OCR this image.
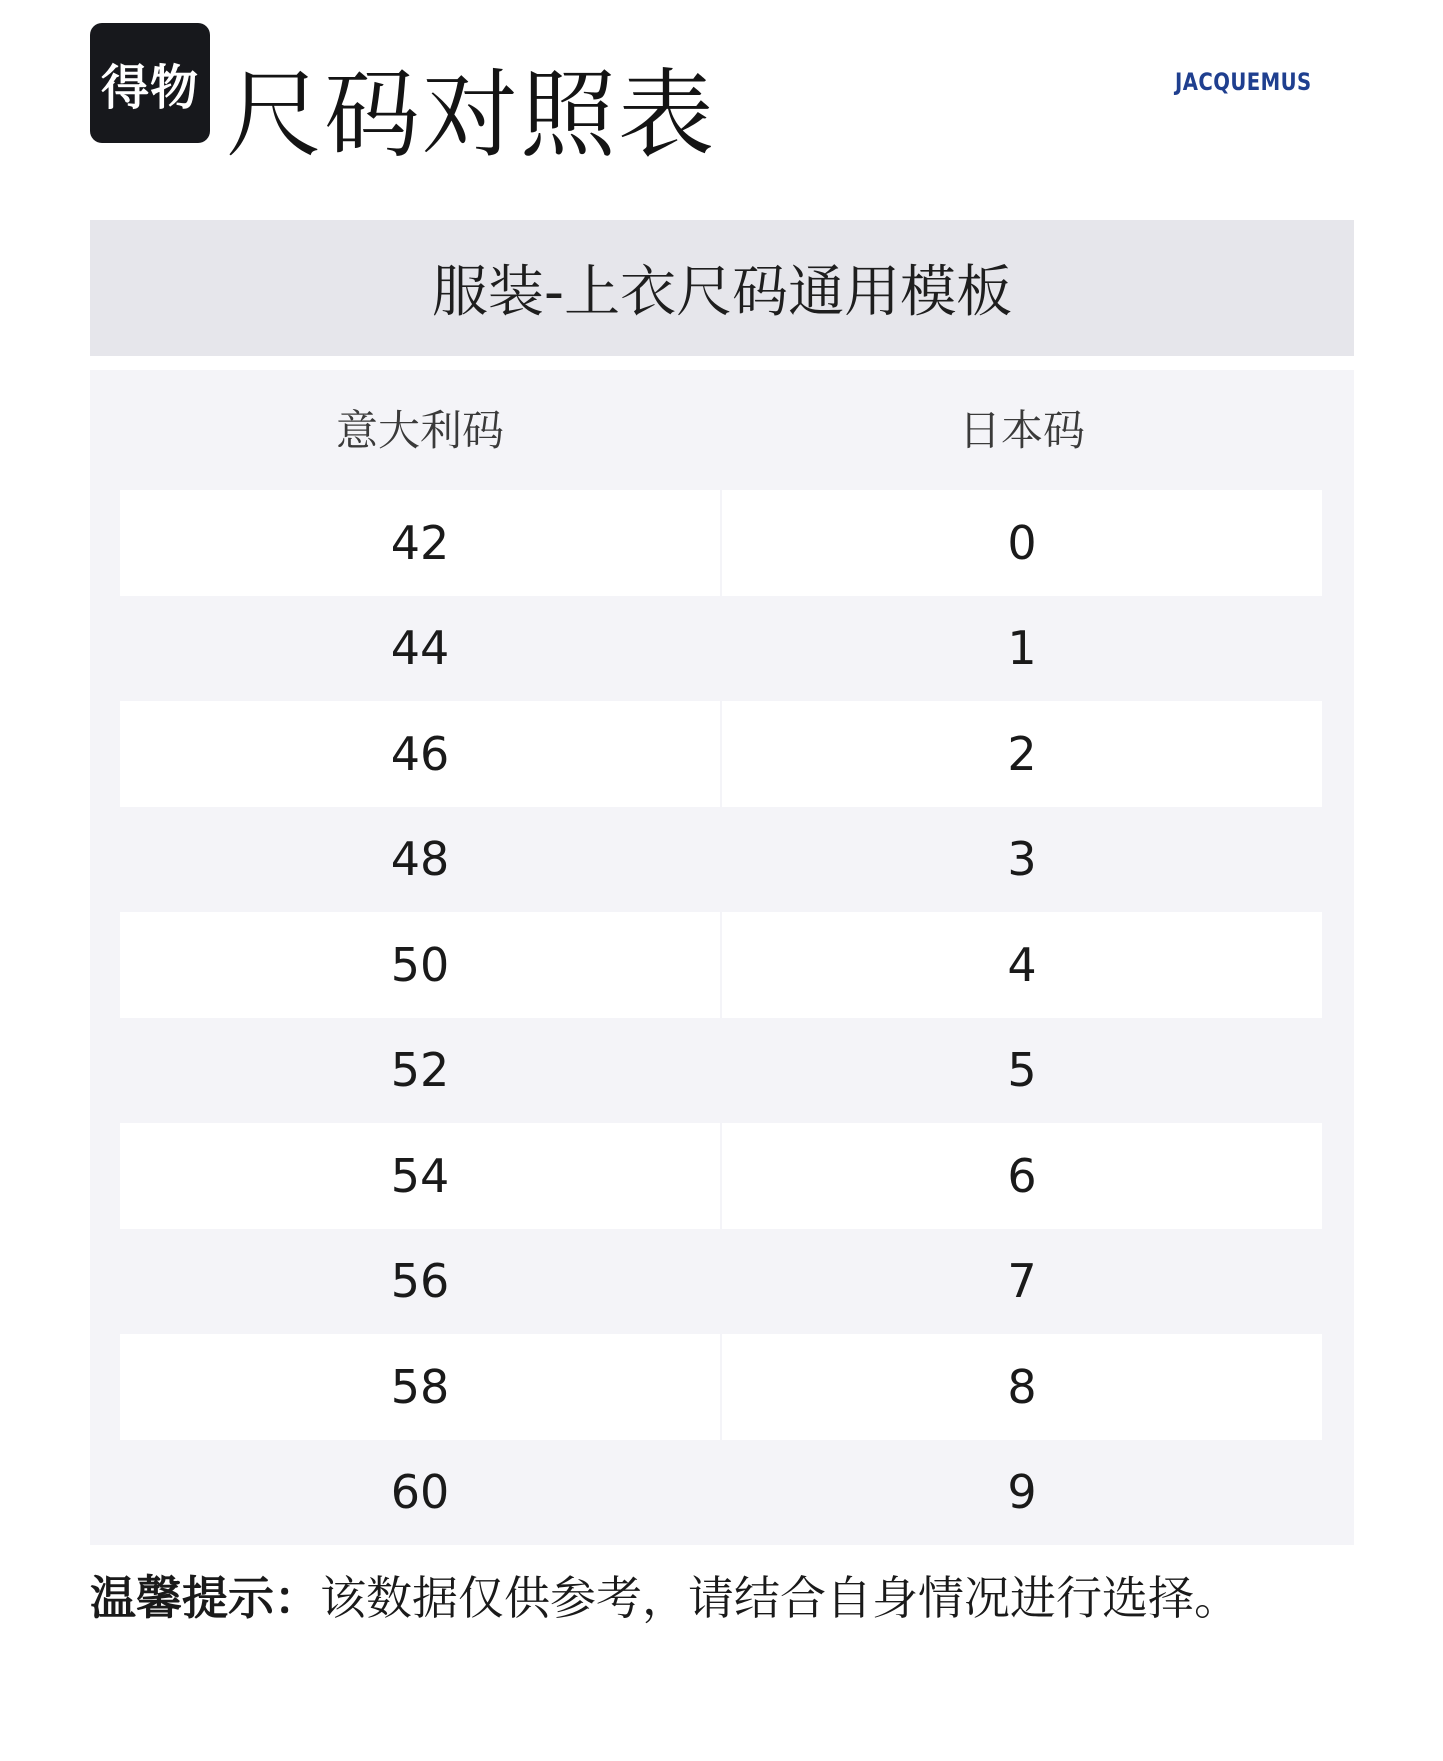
得物 尺码对照表	JACQUEMUS
服装-上衣尺码通用模板
意大利码	日本码
42	0
44	1
46	2
48	3
50	4
52	5
54	6
56	7
58	8
60	9
温馨提示： 该数据仅供参考，请结合自身情况进行选择。
